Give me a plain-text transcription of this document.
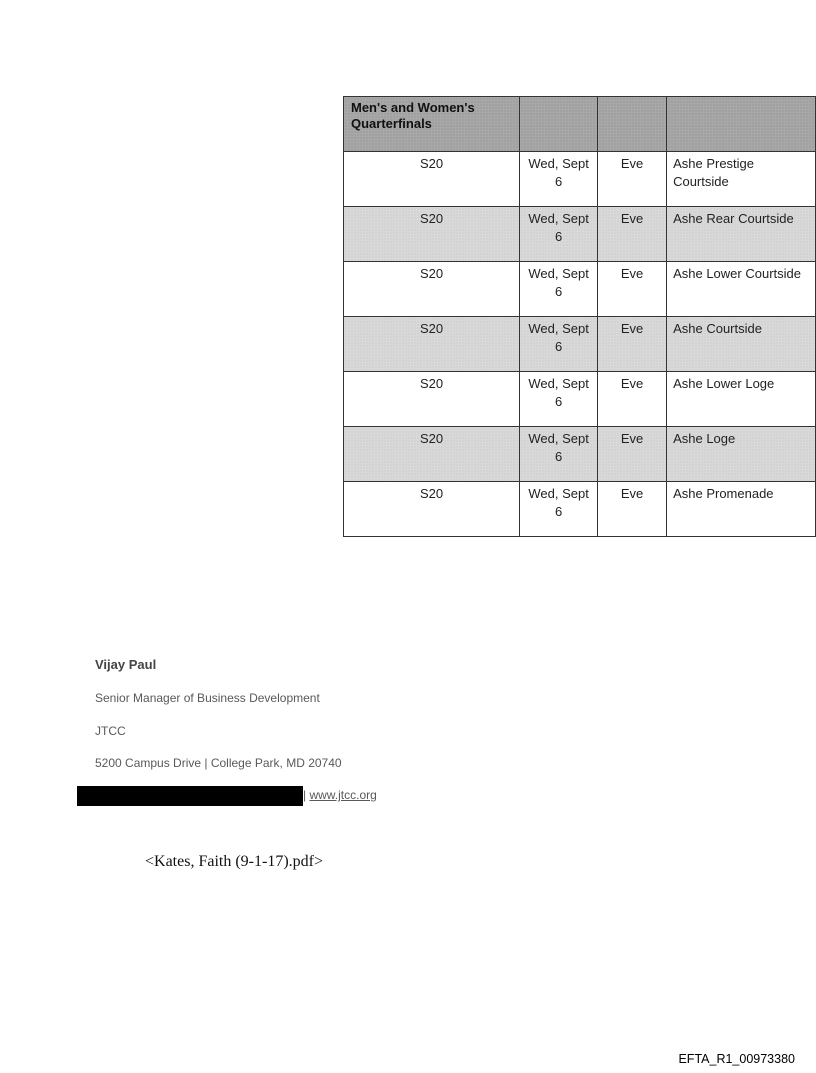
Men's and Women's Quarterfinals			
S20	Wed, Sept 6	Eve	Ashe Prestige Courtside
S20	Wed, Sept 6	Eve	Ashe Rear Courtside
S20	Wed, Sept 6	Eve	Ashe Lower Courtside
S20	Wed, Sept 6	Eve	Ashe Courtside
S20	Wed, Sept 6	Eve	Ashe Lower Loge
S20	Wed, Sept 6	Eve	Ashe Loge
S20	Wed, Sept 6	Eve	Ashe Promenade
Vijay Paul
Senior Manager of Business Development
JTCC
5200 Campus Drive | College Park, MD 20740
| www.jtcc.org
<Kates, Faith (9-1-17).pdf>
EFTA_R1_00973380
